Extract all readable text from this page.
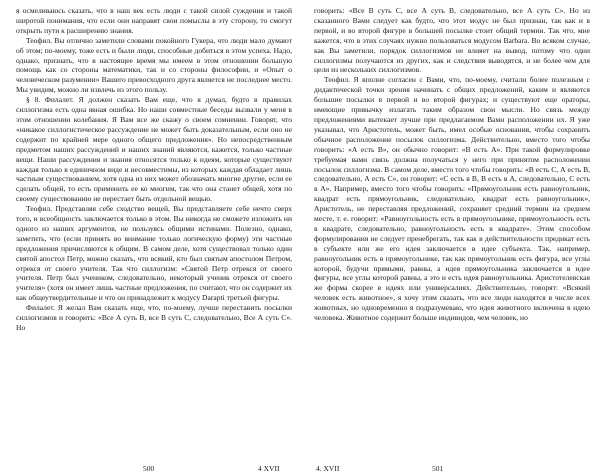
я осмеливаюсь сказать, что в наш век есть люди с такой силой суждения и такой широтой понимания, что если они направят свои помыслы в эту сторону, то смогут открыть пути к расширению знания.

Теофил. Вы отлично заметили словами покойного Гукера, что люди мало думают об этом; по-моему, тоже есть и были люди, способные добиться в этом успеха. Надо, однако, признать, что в настоящее время мы имеем в этом отношении большую помощь как со стороны математики, так и со стороны философии, и «Опыт о человеческом разумении» Вашего превосходного друга является не последнее место. Мы увидим, можно ли извлечь из этого пользу.

§ 8. Филалет. Я должен сказать Вам еще, что я думал, будто в правилах силлогизма есть одна явная ошибка. Но наши совместные беседы вызвали у меня в этом отношении колебания. Я Вам все же скажу о своем сомнении. Говорят, что «никакое силлогистическое рассуждение не может быть доказательным, если оно не содержит по крайней мере одного общего предложения». Но непосредственным предметом наших рассуждений и наших знаний являются, кажется, только частные вещи. Наши рассуждения и знания относятся только к идеям, которые существуют каждая только в единичном виде и несовместимы, из которых каждая обладает лишь частным существованием, хотя одна из них может обозначать многие другие, если ее сделать общей, то есть применить ее ко многим, так что она станет общей, хотя по своему существованию не перестает быть отдельной вещью.

Теофил. Представляя себе сходство вещей, Вы представляете себе нечто сверх того, и всеобщность заключается только в этом. Вы никогда не сможете изложить ни одного из наших аргументов, не пользуясь общими истинами. Полезно, однако, заметить, что (если принять во внимание только логическую форму) эти частные предложения причисляются к общим. В самом деле, хотя существовал только один святой апостол Петр, можно сказать, что всякий, кто был святым апостолом Петром, отрекся от своего учителя. Так что силлогизм: «Святой Петр отрекся от своего учителя. Петр был учеником, следовательно, некоторый ученик отрекся от своего учителя» (хотя он имеет лишь частные предложения, по считают, что он содержит их как общеутвердительные и что он принадлежит к модусу Darapti третьей фигуры.

Филалет. Я желал Вам сказать еще, что, по-моему, лучше переставить посылки силлогизмов и говорить: «Все А суть В, все В суть С, следовательно, Все А суть С». Но

говорить: «Все В суть С, все А суть В, следовательно, все А суть С». Но из сказанного Вами следует как будто, что этот модус не был признан, так как и в первой, и во второй фигуре в большей посылке стоит общий термин. Так что, мне кажется, что в этих случаях нужно пользоваться модусом Barbara. Во всяком случае, как Вы заметили, порядок силлогизмов не влияет на вывод, потому что одни силлогизмы получаются из других, как и следствия выводятся, и не более чем для цели из нескольких силлогизмов.

Теофил. Я вполне согласен с Вами, что, по-моему, считали более полезным с дидактической точки зрения начинать с общих предложений, каким и являются большие посылки в первой и во второй фигурах; и существуют еще ораторы, имеющие привычку излагать таким образом свои мысли. Но связь между предложениями вытекает лучше при предлагаемом Вами расположении их. Я уже указывал, что Аристотель, может быть, имел особые основания, чтобы сохранить обычное расположение посылок силлогизма. Действительно, вместо того чтобы говорить: «А есть В», он обычно говорит: «В есть А». При такой формулировке требуемая вами связь должна получаться у него при принятом расположении посылок силлогизма. В самом деле, вместо того чтобы говорить: «В есть С, А есть В, следовательно, А есть С», он говорит: «С есть в В, В есть в А, следовательно, С есть в А». Например, вместо того чтобы говорить: «Прямоугольник есть равноугольник, квадрат есть прямоугольник, следовательно, квадрат есть равноугольник», Аристотель, не переставляя предложений, сохраняет средний термин на среднем месте, т. е. говорит: «Равноугольность есть в прямоугольнике, прямоугольность есть в квадрате, следовательно, равноугольность есть в квадрате». Этим способом формулирования не следует пренебрегать, так как в действительности предикат есть в субъекте или же его идея заключается в идее субъекта. Так, например, равноугольник есть в прямоугольнике, так как прямоугольник есть фигура, все углы которой, будучи прямыми, равны, а идея прямоугольника заключается в идее фигуры, все углы которой равны, а это и есть идея равноугольника. Аристотелевская же форма скорее в идеях или универсалиях. Действительно, говорят: «Всякий человек есть животное», я хочу этим сказать, что все люди находятся в числе всех животных, но одновременно я подразумеваю, что идея животного включена в идею человека. Животное содержит больше индивидов, чем человек, но

500	4 XVII	4. XVII	501
